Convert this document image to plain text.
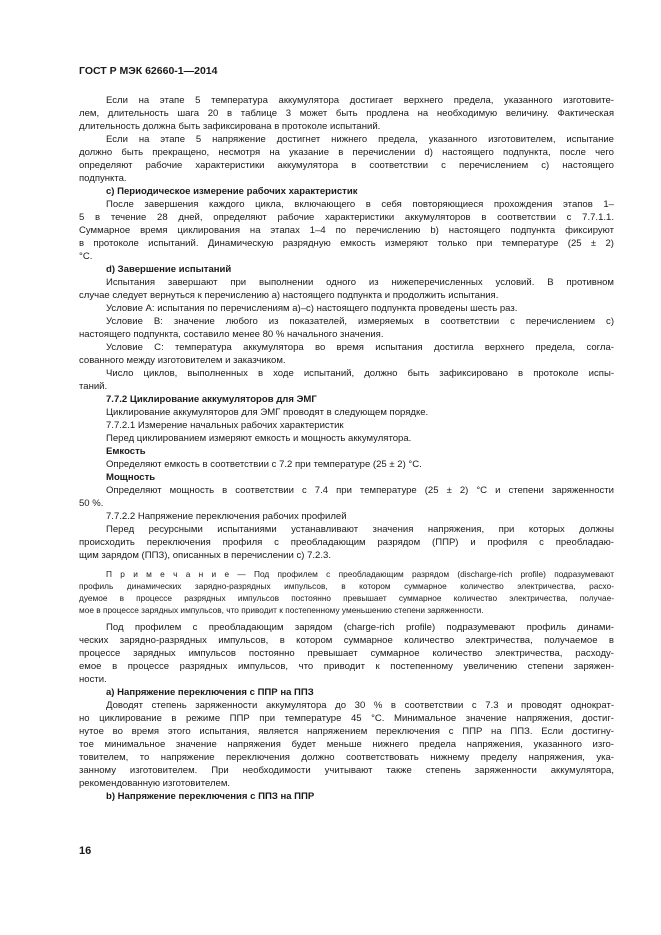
ГОСТ Р МЭК 62660-1—2014
Если на этапе 5 температура аккумулятора достигает верхнего предела, указанного изготовите-
лем, длительность шага 20 в таблице 3 может быть продлена на необходимую величину. Фактическая
длительность должна быть зафиксирована в протоколе испытаний.
Если на этапе 5 напряжение достигнет нижнего предела, указанного изготовителем, испытание
должно быть прекращено, несмотря на указание в перечислении d) настоящего подпункта, после чего
определяют рабочие характеристики аккумулятора в соответствии с перечислением c) настоящего
подпункта.
с) Периодическое измерение рабочих характеристик
После завершения каждого цикла, включающего в себя повторяющиеся прохождения этапов 1–
5 в течение 28 дней, определяют рабочие характеристики аккумуляторов в соответствии с 7.7.1.1.
Суммарное время циклирования на этапах 1–4 по перечислению b) настоящего подпункта фиксируют
в протоколе испытаний. Динамическую разрядную емкость измеряют только при температуре (25 ± 2)
°C.
d) Завершение испытаний
Испытания завершают при выполнении одного из нижеперечисленных условий. В противном
случае следует вернуться к перечислению а) настоящего подпункта и продолжить испытания.
Условие А: испытания по перечислениям а)–с) настоящего подпункта проведены шесть раз.
Условие B: значение любого из показателей, измеряемых в соответствии с перечислением с)
настоящего подпункта, составило менее 80 % начального значения.
Условие C: температура аккумулятора во время испытания достигла верхнего предела, согла-
сованного между изготовителем и заказчиком.
Число циклов, выполненных в ходе испытаний, должно быть зафиксировано в протоколе испы-
таний.
7.7.2 Циклирование аккумуляторов для ЭМГ
Циклирование аккумуляторов для ЭМГ проводят в следующем порядке.
7.7.2.1 Измерение начальных рабочих характеристик
Перед циклированием измеряют емкость и мощность аккумулятора.
Емкость
Определяют емкость в соответствии с 7.2 при температуре (25 ± 2) °C.
Мощность
Определяют мощность в соответствии с 7.4 при температуре (25 ± 2) °C и степени заряженности
50 %.
7.7.2.2 Напряжение переключения рабочих профилей
Перед ресурсными испытаниями устанавливают значения напряжения, при которых должны
происходить переключения профиля с преобладающим разрядом (ППР) и профиля с преобладаю-
щим зарядом (ППЗ), описанных в перечислении с) 7.2.3.
П р и м е ч а н и е — Под профилем с преобладающим разрядом (discharge-rich profile) подразумевают
профиль динамических зарядно-разрядных импульсов, в котором суммарное количество электричества, расхо-
дуемое в процессе разрядных импульсов постоянно превышает суммарное количество электричества, получае-
мое в процессе зарядных импульсов, что приводит к постепенному уменьшению степени заряженности.
Под профилем с преобладающим зарядом (charge-rich profile) подразумевают профиль динами-
ческих зарядно-разрядных импульсов, в котором суммарное количество электричества, получаемое в
процессе зарядных импульсов постоянно превышает суммарное количество электричества, расходу-
емое в процессе разрядных импульсов, что приводит к постепенному увеличению степени заряжен-
ности.
a) Напряжение переключения с ППР на ППЗ
Доводят степень заряженности аккумулятора до 30 % в соответствии с 7.3 и проводят однократ-
но циклирование в режиме ППР при температуре 45 °C. Минимальное значение напряжения, достиг-
нутое во время этого испытания, является напряжением переключения с ППР на ППЗ. Если достигну-
тое минимальное значение напряжения будет меньше нижнего предела напряжения, указанного изго-
товителем, то напряжение переключения должно соответствовать нижнему пределу напряжения, ука-
занному изготовителем. При необходимости учитывают также степень заряженности аккумулятора,
рекомендованную изготовителем.
b) Напряжение переключения с ППЗ на ППР
16
